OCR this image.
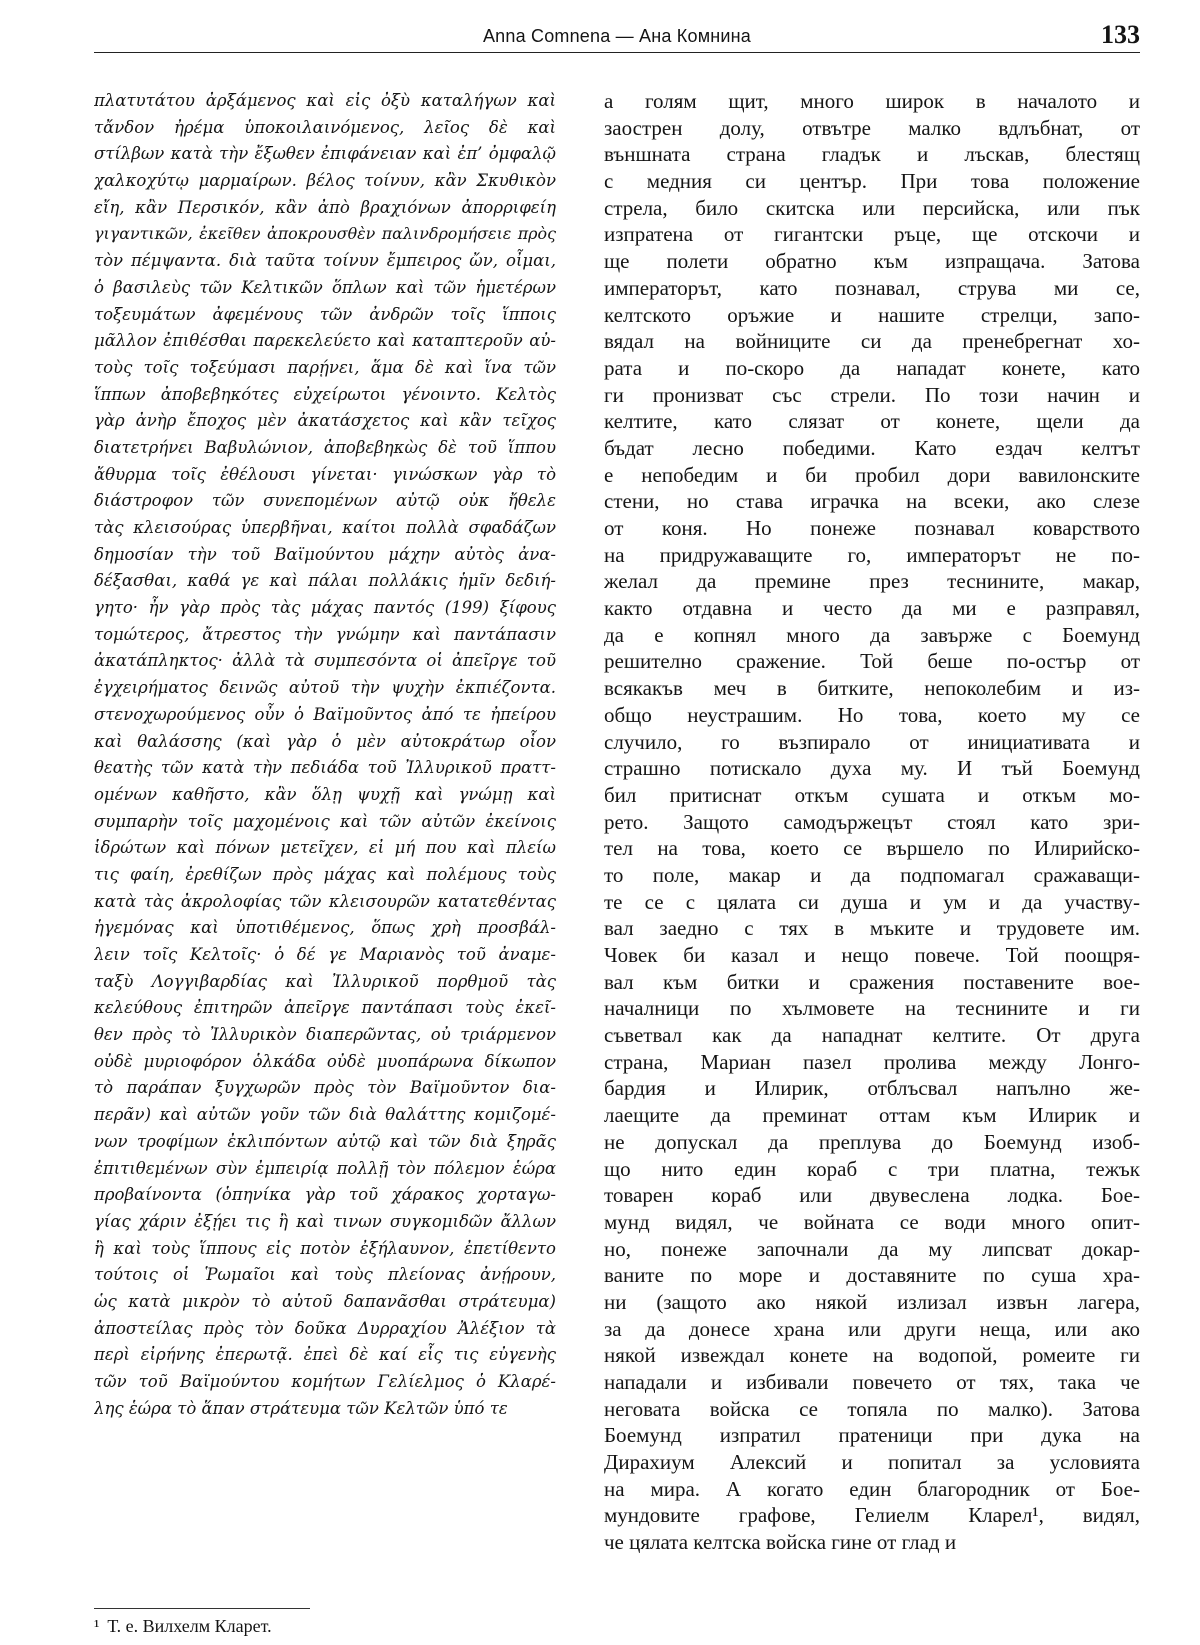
Anna Comnena — Ана Комнина	133
πλατυτάτου ἀρξάμενος καὶ εἰς ὀξὺ καταλήγων καὶ
τἄνδον ἠρέμα ὑποκοιλαινόμενος, λεῖος δὲ καὶ
στίλβων κατὰ τὴν ἔξωθεν ἐπιφάνειαν καὶ ἐπ’ ὀμφαλῷ
χαλκοχύτῳ μαρμαίρων. βέλος τοίνυν, κἂν Σκυθικὸν
εἴη, κἂν Περσικόν, κἂν ἀπὸ βραχιόνων ἀπορριφείη
γιγαντικῶν, ἐκεῖθεν ἀποκρουσθὲν παλινδρομήσειε πρὸς
τὸν πέμψαντα. διὰ ταῦτα τοίνυν ἔμπειρος ὤν, οἶμαι,
ὁ βασιλεὺς τῶν Κελτικῶν ὅπλων καὶ τῶν ἡμετέρων
τοξευμάτων ἀφεμένους τῶν ἀνδρῶν τοῖς ἵπποις
μᾶλλον ἐπιθέσθαι παρεκελεύετο καὶ καταπτεροῦν αὐ-
τοὺς τοῖς τοξεύμασι παρῄνει, ἅμα δὲ καὶ ἵνα τῶν
ἵππων ἀποβεβηκότες εὐχείρωτοι γένοιντο. Κελτὸς
γὰρ ἀνὴρ ἔποχος μὲν ἀκατάσχετος καὶ κἂν τεῖχος
διατετρήνει Βαβυλώνιον, ἀποβεβηκὼς δὲ τοῦ ἵππου
ἄθυρμα τοῖς ἐθέλουσι γίνεται· γινώσκων γὰρ τὸ
διάστροφον τῶν συνεπομένων αὐτῷ οὐκ ἤθελε
τὰς κλεισούρας ὑπερβῆναι, καίτοι πολλὰ σφαδάζων
δημοσίαν τὴν τοῦ Βαϊμούντου μάχην αὐτὸς ἀνα-
δέξασθαι, καθά γε καὶ πάλαι πολλάκις ἡμῖν δεδιή-
γητο· ἦν γὰρ πρὸς τὰς μάχας παντός (199) ξίφους
τομώτερος, ἄτρεστος τὴν γνώμην καὶ παντάπασιν
ἀκατάπληκτος· ἀλλὰ τὰ συμπεσόντα οἱ ἀπεῖργε τοῦ
ἐγχειρήματος δεινῶς αὐτοῦ τὴν ψυχὴν ἐκπιέζοντα.
στενοχωρούμενος οὖν ὁ Βαϊμοῦντος ἀπό τε ἠπείρου
καὶ θαλάσσης (καὶ γὰρ ὁ μὲν αὐτοκράτωρ οἷον
θεατὴς τῶν κατὰ τὴν πεδιάδα τοῦ Ἰλλυρικοῦ πραττ-
ομένων καθῆστο, κἂν ὅλῃ ψυχῇ καὶ γνώμῃ καὶ
συμπαρὴν τοῖς μαχομένοις καὶ τῶν αὐτῶν ἐκείνοις
ἱδρώτων καὶ πόνων μετεῖχεν, εἰ μή που καὶ πλείω
τις φαίη, ἐρεθίζων πρὸς μάχας καὶ πολέμους τοὺς
κατὰ τὰς ἀκρολοφίας τῶν κλεισουρῶν κατατεθέντας
ἡγεμόνας καὶ ὑποτιθέμενος, ὅπως χρὴ προσβάλ-
λειν τοῖς Κελτοῖς· ὁ δέ γε Μαριανὸς τοῦ ἀναμε-
ταξὺ Λογγιβαρδίας καὶ Ἰλλυρικοῦ πορθμοῦ τὰς
κελεύθους ἐπιτηρῶν ἀπεῖργε παντάπασι τοὺς ἐκεῖ-
θεν πρὸς τὸ Ἰλλυρικὸν διαπερῶντας, οὐ τριάρμενον
οὐδὲ μυριοφόρον ὁλκάδα οὐδὲ μυοπάρωνα δίκωπον
τὸ παράπαν ξυγχωρῶν πρὸς τὸν Βαϊμοῦντον δια-
περᾶν) καὶ αὐτῶν γοῦν τῶν διὰ θαλάττης κομιζομέ-
νων τροφίμων ἐκλιπόντων αὐτῷ καὶ τῶν διὰ ξηρᾶς
ἐπιτιθεμένων σὺν ἐμπειρίᾳ πολλῇ τὸν πόλεμον ἑώρα
προβαίνοντα (ὁπηνίκα γὰρ τοῦ χάρακος χορταγω-
γίας χάριν ἐξῄει τις ἢ καὶ τινων συγκομιδῶν ἄλλων
ἢ καὶ τοὺς ἵππους εἰς ποτὸν ἐξήλαυνον, ἐπετίθεντο
τούτοις οἱ Ῥωμαῖοι καὶ τοὺς πλείονας ἀνῄρουν,
ὡς κατὰ μικρὸν τὸ αὐτοῦ δαπανᾶσθαι στράτευμα)
ἀποστείλας πρὸς τὸν δοῦκα Δυρραχίου Ἀλέξιον τὰ
περὶ εἰρήνης ἐπερωτᾷ. ἐπεὶ δὲ καί εἷς τις εὐγενὴς
τῶν τοῦ Βαϊμούντου κομήτων Γελίελμος ὁ Κλαρέ-
λης ἑώρα τὸ ἅπαν στράτευμα τῶν Κελτῶν ὑπό τε
а голям щит, много широк в началото и
заострен долу, отвътре малко вдлъбнат, от
външната страна гладък и лъскав, блестящ
с медния си център. При това положение
стрела, било скитска или персийска, или пък
изпратена от гигантски ръце, ще отскочи и
ще полети обратно към изпращача. Затова
императорът, като познавал, струва ми се,
келтското оръжие и нашите стрелци, запо-
вядал на войниците си да пренебрегнат хо-
рата и по-скоро да нападат конете, като
ги пронизват със стрели. По този начин и
келтите, като слязат от конете, щели да
бъдат лесно победими. Като ездач келтът
е непобедим и би пробил дори вавилонските
стени, но става играчка на всеки, ако слезе
от коня. Но понеже познавал коварството
на придружаващите го, императорът не по-
желал да премине през теснините, макар,
както отдавна и често да ми е разправял,
да е копнял много да завърже с Боемунд
решително сражение. Той беше по-остър от
всякакъв меч в битките, непоколебим и из-
общо неустрашим. Но това, което му се
случило, го възпирало от инициативата и
страшно потискало духа му. И тъй Боемунд
бил притиснат откъм сушата и откъм мо-
рето. Защото самодържецът стоял като зри-
тел на това, което се вършело по Илирийско-
то поле, макар и да подпомагал сражаващи-
те се с цялата си душа и ум и да участву-
вал заедно с тях в мъките и трудовете им.
Човек би казал и нещо повече. Той поощря-
вал към битки и сражения поставените вое-
началници по хълмовете на теснините и ги
съветвал как да нападнат келтите. От друга
страна, Мариан пазел пролива между Лонго-
бардия и Илирик, отблъсвал напълно же-
лаещите да преминат оттам към Илирик и
не допускал да преплува до Боемунд изоб-
що нито един кораб с три платна, тежък
товарен кораб или двувеслена лодка. Бое-
мунд видял, че войната се води много опит-
но, понеже започнали да му липсват докар-
ваните по море и доставяните по суша хра-
ни (защото ако някой излизал извън лагера,
за да донесе храна или други неща, или ако
някой извеждал конете на водопой, ромеите ги
нападали и избивали повечето от тях, така че
неговата войска се топяла по малко). Затова
Боемунд изпратил пратеници при дука на
Дирахиум Алексий и попитал за условията
на мира. А когато един благородник от Бое-
мундовите графове, Гелиелм Кларел¹, видял,
че цялата келтска войска гине от глад и
¹ Т. е. Вилхелм Кларет.
